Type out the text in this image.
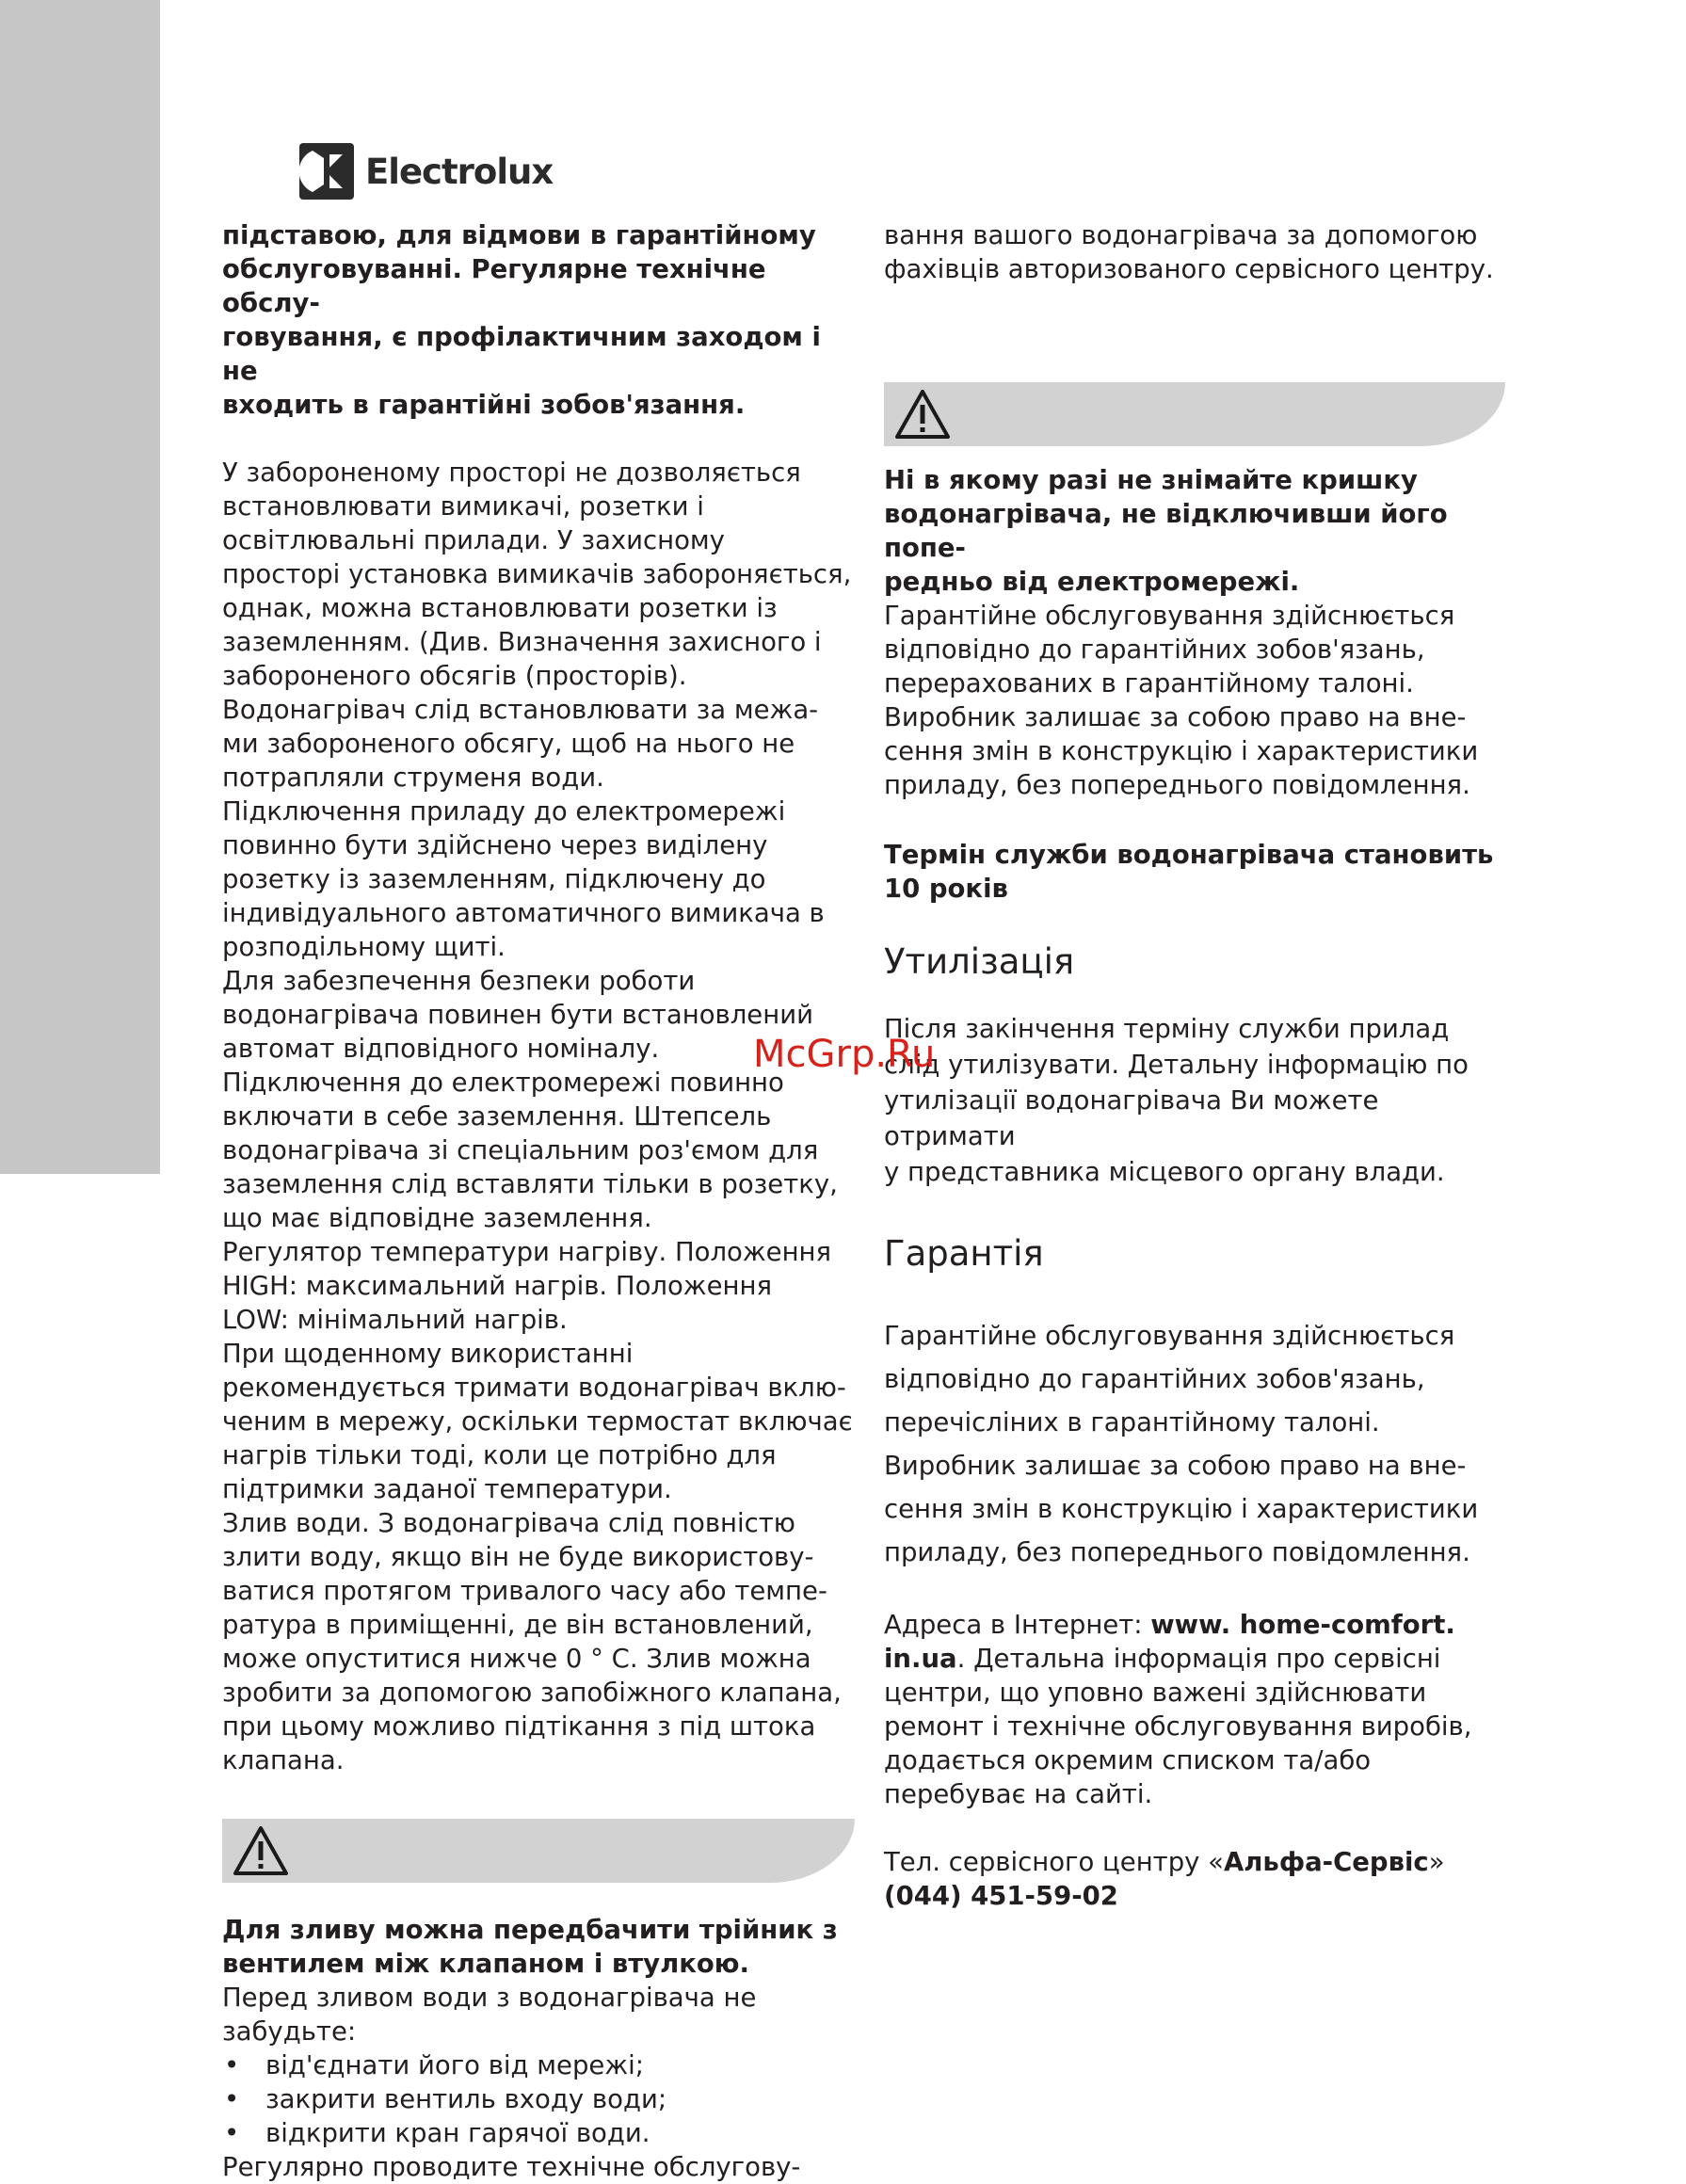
Electrolux

підставою, для відмови в гарантійному
обслуговуванні. Регулярне технічне обслу-
говування, є профілактичним заходом і не
входить в гарантійні зобов'язання.

У забороненому просторі не дозволяється
встановлювати вимикачі, розетки і
освітлювальні прилади. У захисному
просторі установка вимикачів забороняється,
однак, можна встановлювати розетки із
заземленням. (Див. Визначення захисного і
забороненого обсягів (просторів).
Водонагрівач слід встановлювати за межа-
ми забороненого обсягу, щоб на нього не
потрапляли струменя води.
Підключення приладу до електромережі
повинно бути здійснено через виділену
розетку із заземленням, підключену до
індивідуального автоматичного вимикача в
розподільному щиті.
Для забезпечення безпеки роботи
водонагрівача повинен бути встановлений
автомат відповідного номіналу.
Підключення до електромережі повинно
включати в себе заземлення. Штепсель
водонагрівача зі спеціальним роз'ємом для
заземлення слід вставляти тільки в розетку,
що має відповідне заземлення.
Регулятор температури нагріву. Положення
HIGH: максимальний нагрів. Положення
LOW: мінімальний нагрів.
При щоденному використанні
рекомендується тримати водонагрівач вклю-
ченим в мережу, оскільки термостат включає
нагрів тільки тоді, коли це потрібно для
підтримки заданої температури.
Злив води. З водонагрівача слід повністю
злити воду, якщо він не буде використову-
ватися протягом тривалого часу або темпе-
ратура в приміщенні, де він встановлений,
може опуститися нижче 0 ° С. Злив можна
зробити за допомогою запобіжного клапана,
при цьому можливо підтікання з під штока
клапана.

Для зливу можна передбачити трійник з
вентилем між клапаном і втулкою.

Перед зливом води з водонагрівача не
забудьте:

• від'єднати його від мережі;
• закрити вентиль входу води;
• відкрити кран гарячої води.

Регулярно проводите технічне обслугову-

вання вашого водонагрівача за допомогою
фахівців авторизованого сервісного центру.

Ні в якому разі не знімайте кришку
водонагрівача, не відключивши його попе-
редньо від електромережі.

Гарантійне обслуговування здійснюється
відповідно до гарантійних зобов'язань,
перерахованих в гарантійному талоні.
Виробник залишає за собою право на вне-
сення змін в конструкцію і характеристики
приладу, без попереднього повідомлення.

Термін служби водонагрівача становить
10 років

Утилізація

Після закінчення терміну служби прилад
слід утилізувати. Детальну інформацію по
утилізації водонагрівача Ви можете отримати
у представника місцевого органу влади.

Гарантія

Гарантійне обслуговування здійснюється
відповідно до гарантійних зобов'язань,
перечісліних в гарантійному талоні.
Виробник залишає за собою право на вне-
сення змін в конструкцію і характеристики
приладу, без попереднього повідомлення.

Адреса в Інтернет: www. home-comfort.

in.ua. Детальна інформація про сервісні

центри, що уповно важені здійснювати
ремонт і технічне обслуговування виробів,
додається окремим списком та/або
перебуває на сайті.

Тел. сервісного центру «Альфа-Сервіс»

(044) 451-59-02

McGrp.Ru
